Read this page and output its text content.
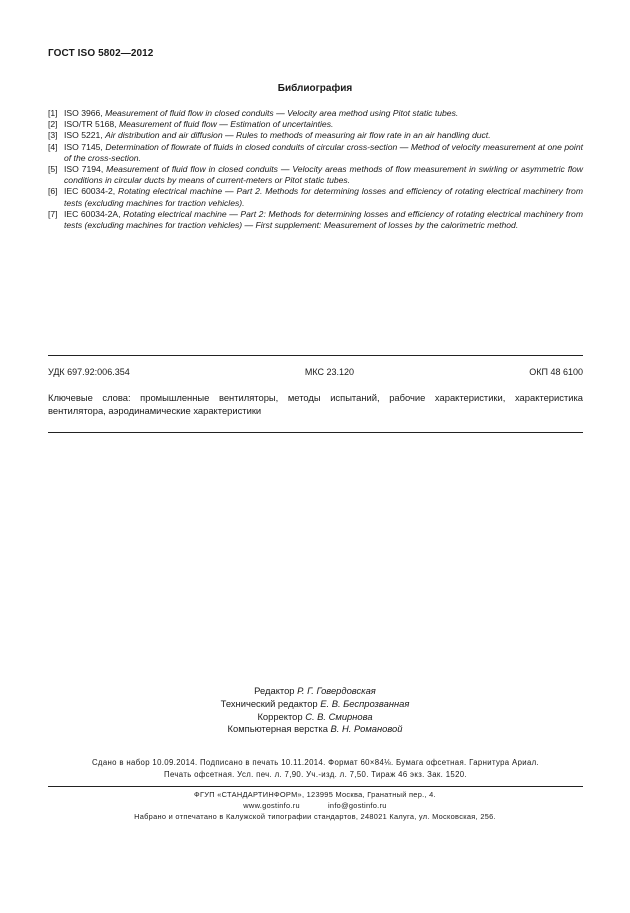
ГОСТ ISO 5802—2012
Библиография
[1] ISO 3966, Measurement of fluid flow in closed conduits — Velocity area method using Pitot static tubes.
[2] ISO/TR 5168, Measurement of fluid flow — Estimation of uncertainties.
[3] ISO 5221, Air distribution and air diffusion — Rules to methods of measuring air flow rate in an air handling duct.
[4] ISO 7145, Determination of flowrate of fluids in closed conduits of circular cross-section — Method of velocity measurement at one point of the cross-section.
[5] ISO 7194, Measurement of fluid flow in closed conduits — Velocity areas methods of flow measurement in swirling or asymmetric flow conditions in circular ducts by means of current-meters or Pitot static tubes.
[6] IEC 60034-2, Rotating electrical machine — Part 2. Methods for determining losses and efficiency of rotating electrical machinery from tests (excluding machines for traction vehicles).
[7] IEC 60034-2A, Rotating electrical machine — Part 2: Methods for determining losses and efficiency of rotating electrical machinery from tests (excluding machines for traction vehicles) — First supplement: Measurement of losses by the calorimetric method.
УДК 697.92:006.354	МКС 23.120	ОКП 48 6100
Ключевые слова: промышленные вентиляторы, методы испытаний, рабочие характеристики, характеристика вентилятора, аэродинамические характеристики
Редактор Р. Г. Говердовская
Технический редактор Е. В. Беспрозванная
Корректор С. В. Смирнова
Компьютерная верстка В. Н. Романовой
Сдано в набор 10.09.2014. Подписано в печать 10.11.2014. Формат 60×84⅛. Бумага офсетная. Гарнитура Ариал.
Печать офсетная. Усл. печ. л. 7,90. Уч.-изд. л. 7,50. Тираж 46 экз. Зак. 1520.
ФГУП «СТАНДАРТИНФОРМ», 123995 Москва, Гранатный пер., 4.
www.gostinfo.ru	info@gostinfo.ru
Набрано и отпечатано в Калужской типографии стандартов, 248021 Калуга, ул. Московская, 256.
